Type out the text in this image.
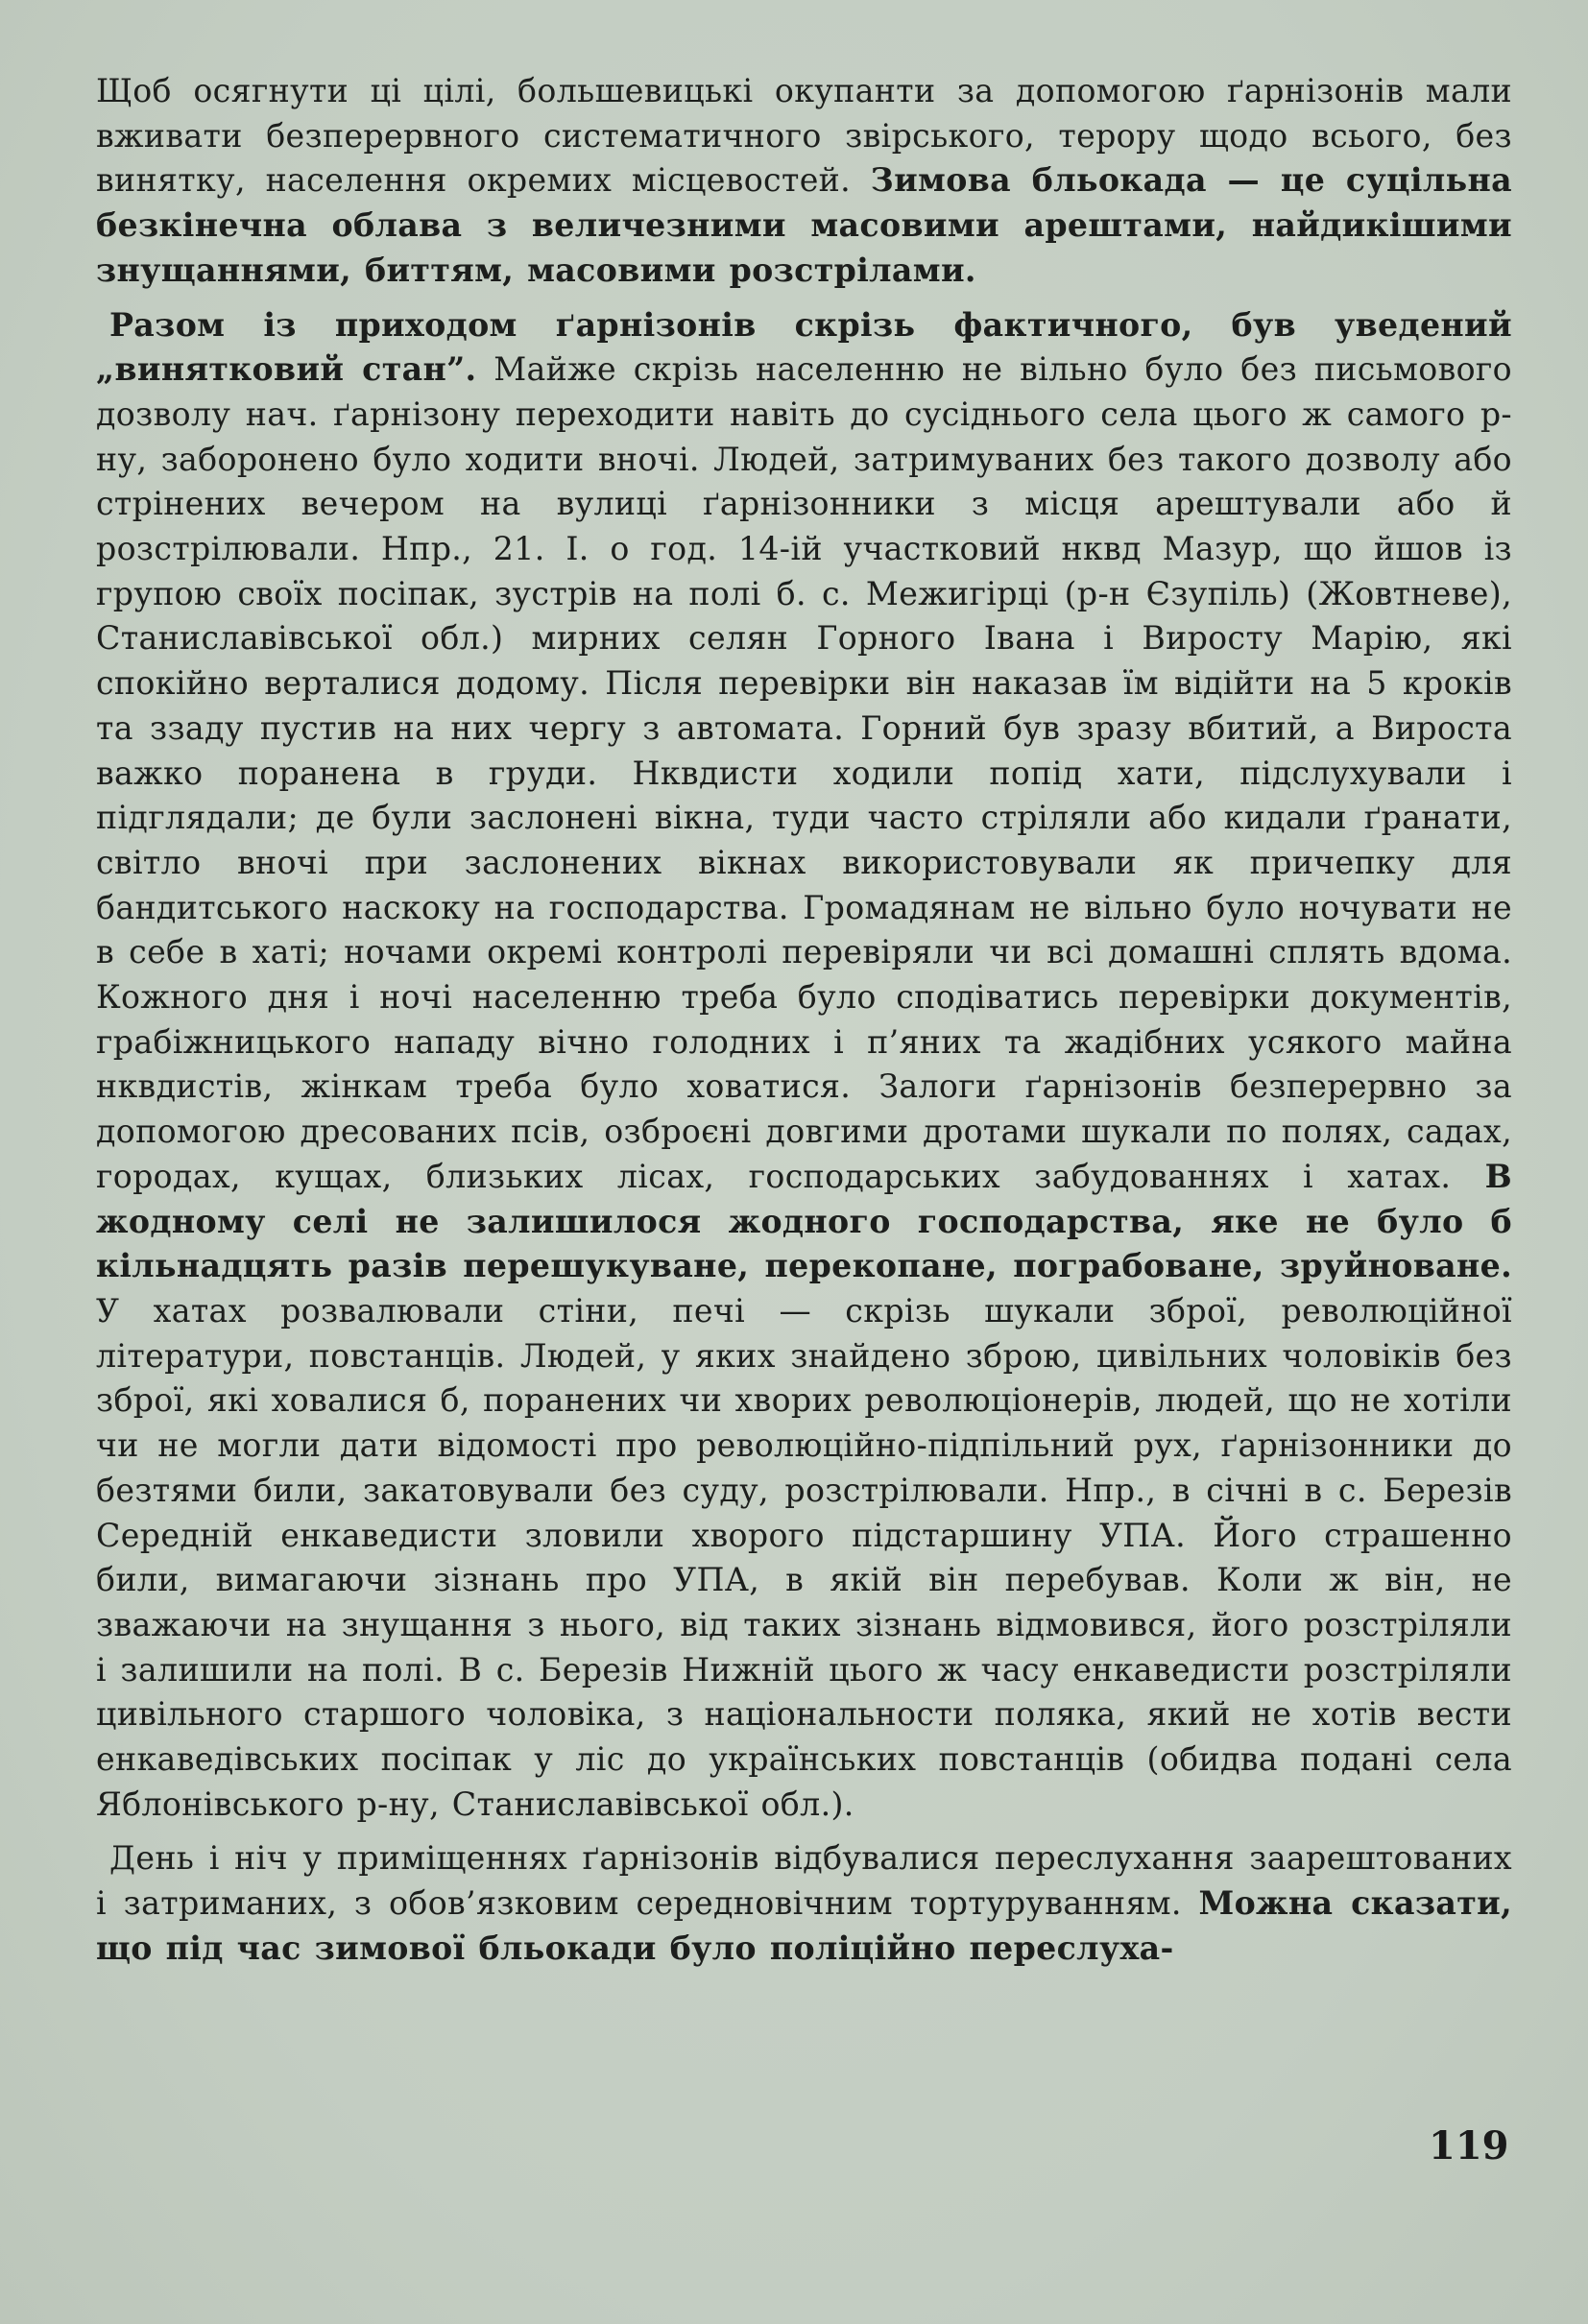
Щоб осягнути ці цілі, большевицькі окупанти за допомогою ґарнізонів мали вживати безперервного систематичного звірського, терору щодо всього, без винятку, населення окремих місцевостей. Зимова бльокада — це суцільна безкінечна облава з величезними масовими арештами, найдикішими знущаннями, биттям, масовими розстрілами.

Разом із приходом ґарнізонів скрізь фактичного, був уведений „винятковий стан”. Майже скрізь населенню не вільно було без письмового дозволу нач. ґарнізону переходити навіть до сусіднього села цього ж самого р-ну, заборонено було ходити вночі. Людей, затримуваних без такого дозволу або стрінених вечером на вулиці ґарнізонники з місця арештували або й розстрілювали. Нпр., 21. І. о год. 14-ій участковий нквд Мазур, що йшов із групою своїх посіпак, зустрів на полі б. с. Межигірці (р-н Єзупіль) (Жовтневе), Станиславівської обл.) мирних селян Горного Івана і Виросту Марію, які спокійно верталися додому. Після перевірки він наказав їм відійти на 5 кроків та ззаду пустив на них чергу з автомата. Горний був зразу вбитий, а Вироста важко поранена в груди. Нквдисти ходили попід хати, підслухували і підглядали; де були заслонені вікна, туди часто стріляли або кидали ґранати, світло вночі при заслонених вікнах використовували як причепку для бандитського наскоку на господарства. Громадянам не вільно було ночувати не в себе в хаті; ночами окремі контролі перевіряли чи всі домашні сплять вдома. Кожного дня і ночі населенню треба було сподіватись перевірки документів, грабіжницького нападу вічно голодних і п’яних та жадібних усякого майна нквдистів, жінкам треба було ховатися. Залоги ґарнізонів безперервно за допомогою дресованих псів, озброєні довгими дротами шукали по полях, садах, городах, кущах, близьких лісах, господарських забудованнях і хатах. В жодному селі не залишилося жодного господарства, яке не було б кільнадцять разів перешукуване, перекопане, пограбоване, зруйноване. У хатах розвалювали стіни, печі — скрізь шукали зброї, революційної літератури, повстанців. Людей, у яких знайдено зброю, цивільних чоловіків без зброї, які ховалися б, поранених чи хворих революціонерів, людей, що не хотіли чи не могли дати відомості про революційно-підпільний рух, ґарнізонники до безтями били, закатовували без суду, розстрілювали. Нпр., в січні в с. Березів Середній енкаведисти зловили хворого підстаршину УПА. Його страшенно били, вимагаючи зізнань про УПА, в якій він перебував. Коли ж він, не зважаючи на знущання з нього, від таких зізнань відмовився, його розстріляли і залишили на полі. В с. Березів Нижній цього ж часу енкаведисти розстріляли цивільного старшого чоловіка, з національности поляка, який не хотів вести енкаведівських посіпак у ліс до українських повстанців (обидва подані села Яблонівського р-ну, Станиславівської обл.).

День і ніч у приміщеннях ґарнізонів відбувалися переслухання заарештованих і затриманих, з обов’язковим середновічним тортуруванням. Можна сказати, що під час зимової бльокади було поліційно переслуха-

119
